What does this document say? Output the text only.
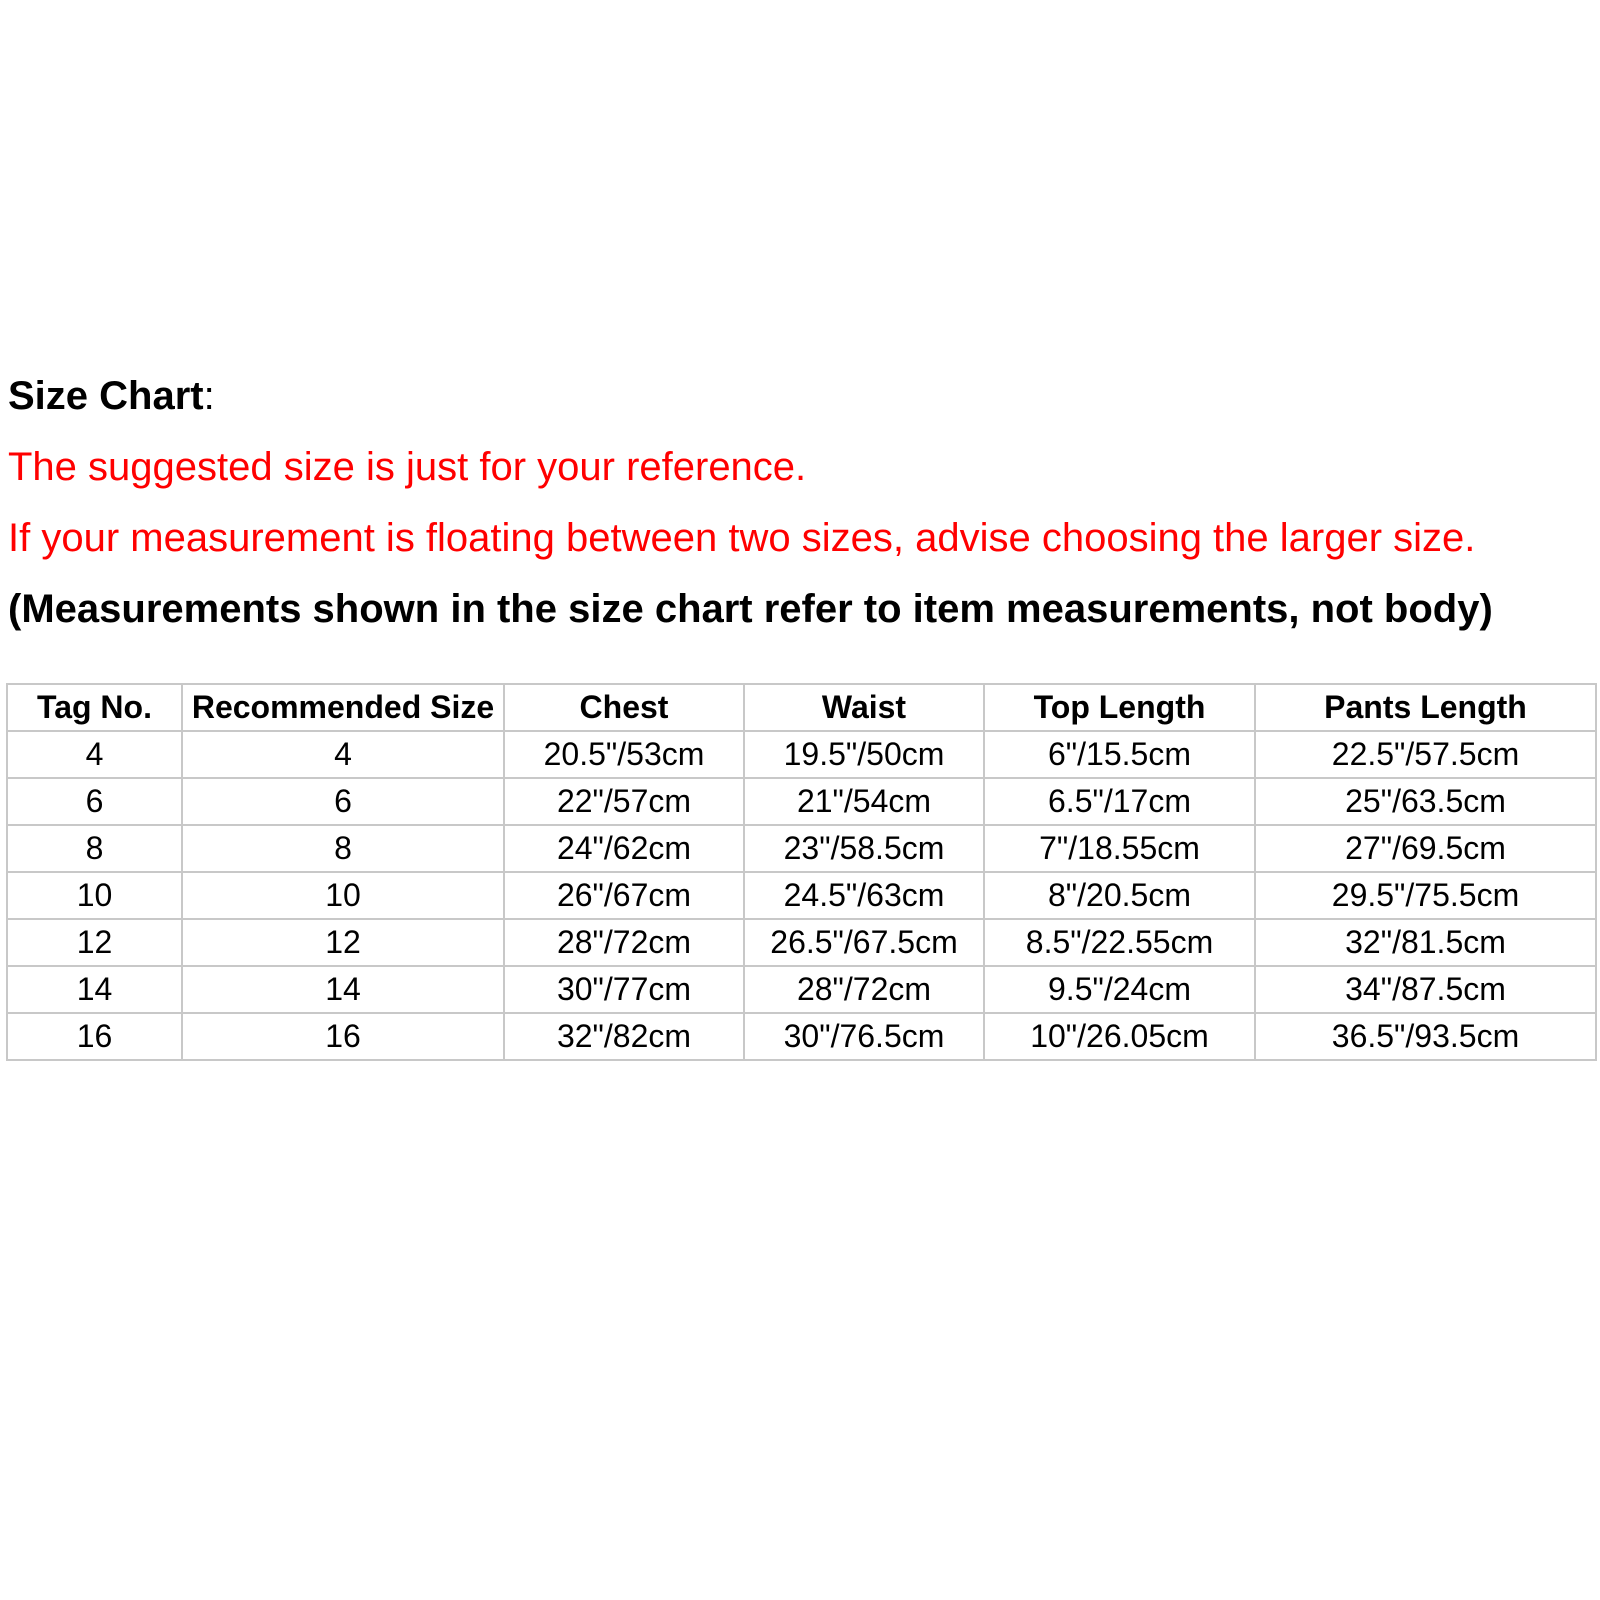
Size Chart:
The suggested size is just for your reference.
If your measurement is floating between two sizes, advise choosing the larger size.
(Measurements shown in the size chart refer to item measurements, not body)
Tag No.	Recommended Size	Chest	Waist	Top Length	Pants Length
4	4	20.5"/53cm	19.5"/50cm	6"/15.5cm	22.5"/57.5cm
6	6	22"/57cm	21"/54cm	6.5"/17cm	25"/63.5cm
8	8	24"/62cm	23"/58.5cm	7"/18.55cm	27"/69.5cm
10	10	26"/67cm	24.5"/63cm	8"/20.5cm	29.5"/75.5cm
12	12	28"/72cm	26.5"/67.5cm	8.5"/22.55cm	32"/81.5cm
14	14	30"/77cm	28"/72cm	9.5"/24cm	34"/87.5cm
16	16	32"/82cm	30"/76.5cm	10"/26.05cm	36.5"/93.5cm
